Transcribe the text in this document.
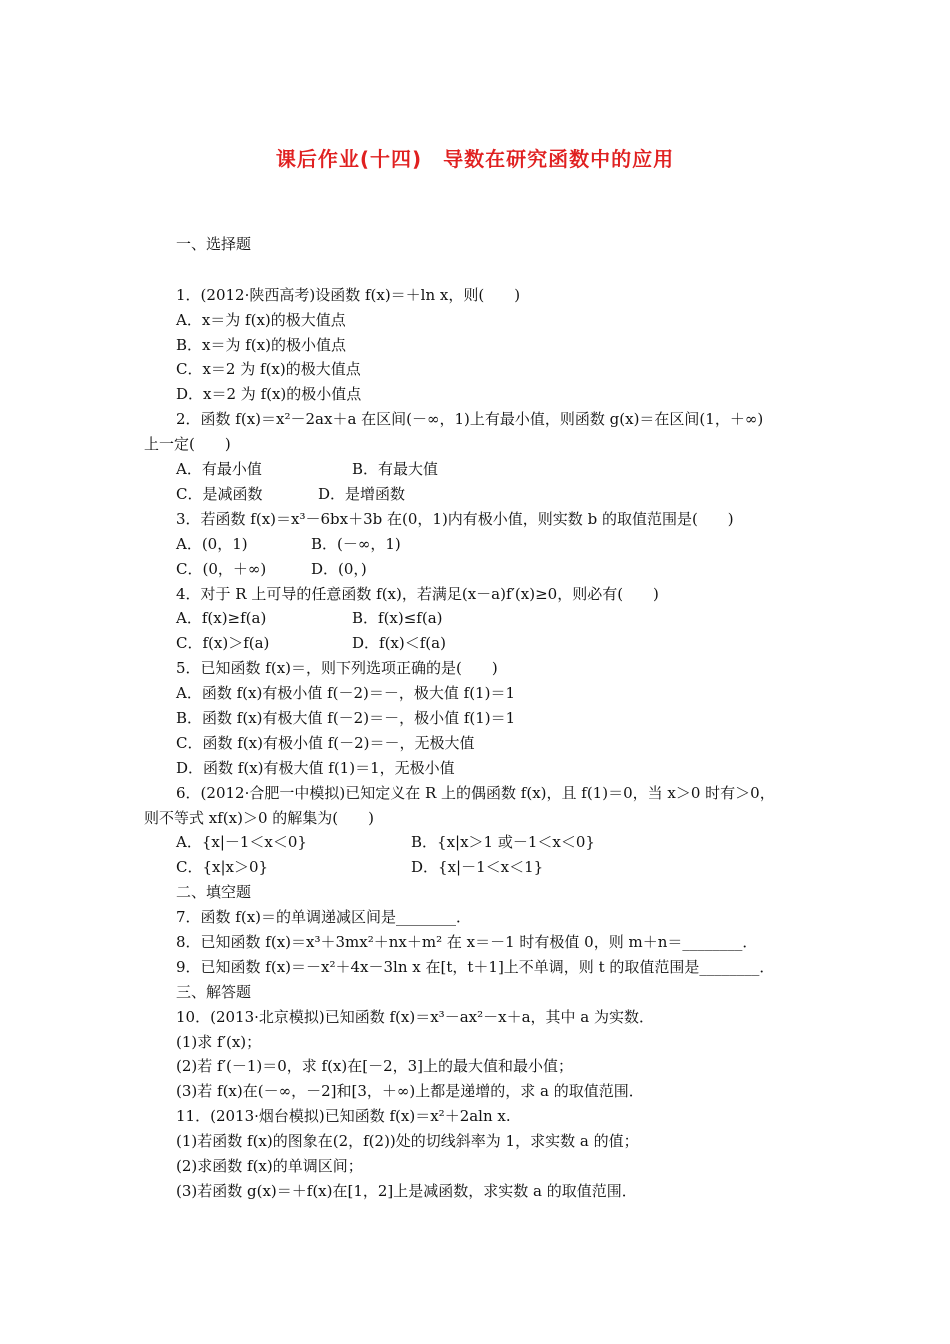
课后作业(十四)　导数在研究函数中的应用
一、选择题
1．(2012·陕西高考)设函数 f(x)＝＋ln x，则(　　)
A．x＝为 f(x)的极大值点
B．x＝为 f(x)的极小值点
C．x＝2 为 f(x)的极大值点
D．x＝2 为 f(x)的极小值点
2．函数 f(x)＝x²－2ax＋a 在区间(－∞，1)上有最小值，则函数 g(x)＝在区间(1，＋∞)
上一定(　　)
A．有最小值	B．有最大值
C．是减函数	D．是增函数
3．若函数 f(x)＝x³－6bx＋3b 在(0，1)内有极小值，则实数 b 的取值范围是(　　)
A．(0，1)	B．(－∞，1)
C．(0，＋∞)	D．(0，)
4．对于 R 上可导的任意函数 f(x)，若满足(x－a)f′(x)≥0，则必有(　　)
A．f(x)≥f(a)	B．f(x)≤f(a)
C．f(x)＞f(a)	D．f(x)＜f(a)
5．已知函数 f(x)＝，则下列选项正确的是(　　)
A．函数 f(x)有极小值 f(－2)＝－，极大值 f(1)＝1
B．函数 f(x)有极大值 f(－2)＝－，极小值 f(1)＝1
C．函数 f(x)有极小值 f(－2)＝－，无极大值
D．函数 f(x)有极大值 f(1)＝1，无极小值
6．(2012·合肥一中模拟)已知定义在 R 上的偶函数 f(x)，且 f(1)＝0，当 x＞0 时有＞0，
则不等式 xf(x)＞0 的解集为(　　)
A．{x|－1＜x＜0}	B．{x|x＞1 或－1＜x＜0}
C．{x|x＞0}	D．{x|－1＜x＜1}
二、填空题
7．函数 f(x)＝的单调递减区间是________．
8．已知函数 f(x)＝x³＋3mx²＋nx＋m² 在 x＝－1 时有极值 0，则 m＋n＝________．
9．已知函数 f(x)＝－x²＋4x－3ln x 在[t，t＋1]上不单调，则 t 的取值范围是________．
三、解答题
10．(2013·北京模拟)已知函数 f(x)＝x³－ax²－x＋a，其中 a 为实数．
(1)求 f′(x)；
(2)若 f′(－1)＝0，求 f(x)在[－2，3]上的最大值和最小值；
(3)若 f(x)在(－∞，－2]和[3，＋∞)上都是递增的，求 a 的取值范围．
11．(2013·烟台模拟)已知函数 f(x)＝x²＋2aln x.
(1)若函数 f(x)的图象在(2，f(2))处的切线斜率为 1，求实数 a 的值；
(2)求函数 f(x)的单调区间；
(3)若函数 g(x)＝＋f(x)在[1，2]上是减函数，求实数 a 的取值范围．
